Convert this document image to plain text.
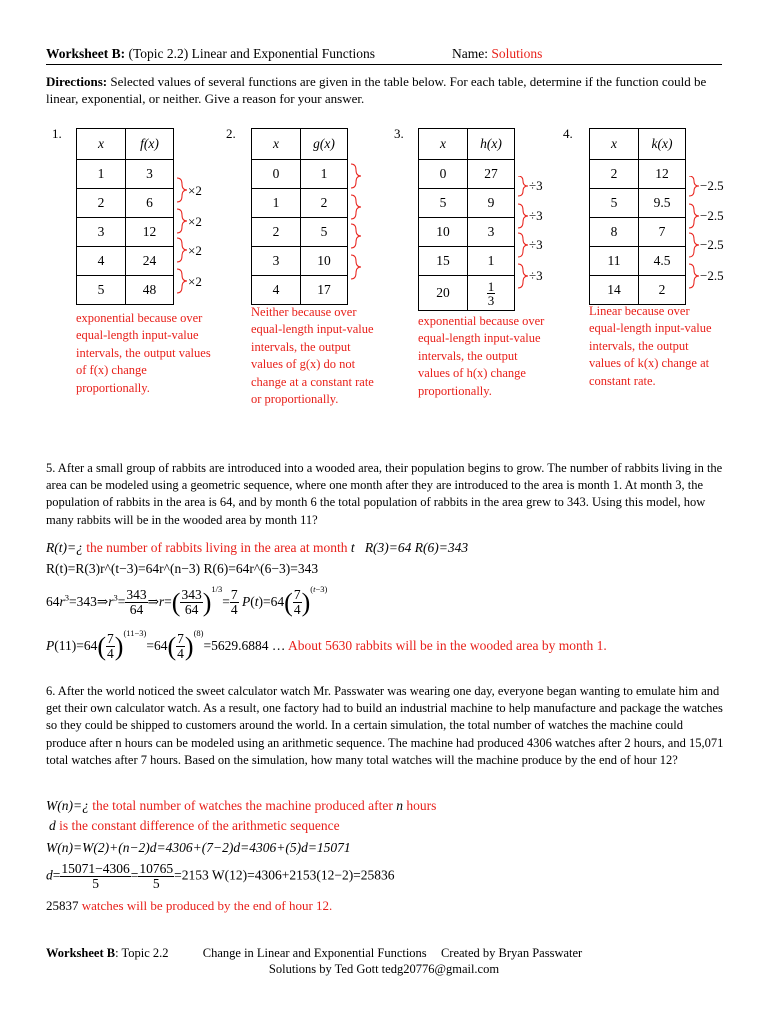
Worksheet B: (Topic 2.2) Linear and Exponential Functions	Name: Solutions
Directions: Selected values of several functions are given in the table below. For each table, determine if the function could be linear, exponential, or neither. Give a reason for your answer.
1.	2.	3.	4.
x	f(x)
1	3
2	6
3	12
4	24
5	48
x	g(x)
0	1
1	2
2	5
3	10
4	17
x	h(x)
0	27
5	9
10	3
15	1
20	$\frac{1}{3}$
x	k(x)
2	12
5	9.5
8	7
11	4.5
14	2
×2
×2
×2
×2
÷3
÷3
÷3
÷3
−2.5
−2.5
−2.5
−2.5
exponential because over equal-length input-value intervals, the output values of f(x) change proportionally.
Neither because over equal-length input-value intervals, the output values of g(x) do not change at a constant rate or proportionally.
exponential because over equal-length input-value intervals, the output values of h(x) change proportionally.
Linear because over equal-length input-value intervals, the output values of k(x) change at constant rate.
5. After a small group of rabbits are introduced into a wooded area, their population begins to grow. The number of rabbits living in the area can be modeled using a geometric sequence, where one month after they are introduced to the area is month 1. At month 3, the population of rabbits in the area is 64, and by month 6 the total population of rabbits in the area grew to 343. Using this model, how many rabbits will be in the wooded area by month 11?
R(t)=¿ the number of rabbits living in the area at month t R(3)=64 R(6)=343
R(t)=R(3)r^(t−3)=64r^(n−3) R(6)=64r^(6−3)=343
$64r^3=343\Rightarrow r^3= \frac{343}{64}$ ⇒r=( $\frac{343}{64} )^{1/3}= \frac{7}{4} P(t)=64( \frac{7}{4} )^{(t-3)}$
$P(11)=64( \frac{7}{4} )^{(11-3)}=64( \frac{7}{4} )^{(8)}=5629.6884$ … About 5630 rabbits will be in the wooded area by month 1.
6. After the world noticed the sweet calculator watch Mr. Passwater was wearing one day, everyone began wanting to emulate him and get their own calculator watch. As a result, one factory had to build an industrial machine to help manufacture and package the watches so they could be shipped to customers around the world. In a certain simulation, the total number of watches the machine could produce after n hours can be modeled using an arithmetic sequence. The machine had produced 4306 watches after 2 hours, and 15,071 total watches after 7 hours. Based on the simulation, how many total watches will the machine produce by the end of hour 12?
W(n)=¿ the total number of watches the machine produced after n hours
d is the constant difference of the arithmetic sequence
W(n)=W(2)+(n−2)d=4306+(7−2)d=4306+(5)d=15071
$d= \frac{15071-4306}{5} = \frac{10765}{5} =2153$ W(12)=4306+2153(12−2)=25836
25837 watches will be produced by the end of hour 12.
Worksheet B: Topic 2.2	Change in Linear and Exponential Functions Created by Bryan Passwater
Solutions by Ted Gott tedg20776@gmail.com
